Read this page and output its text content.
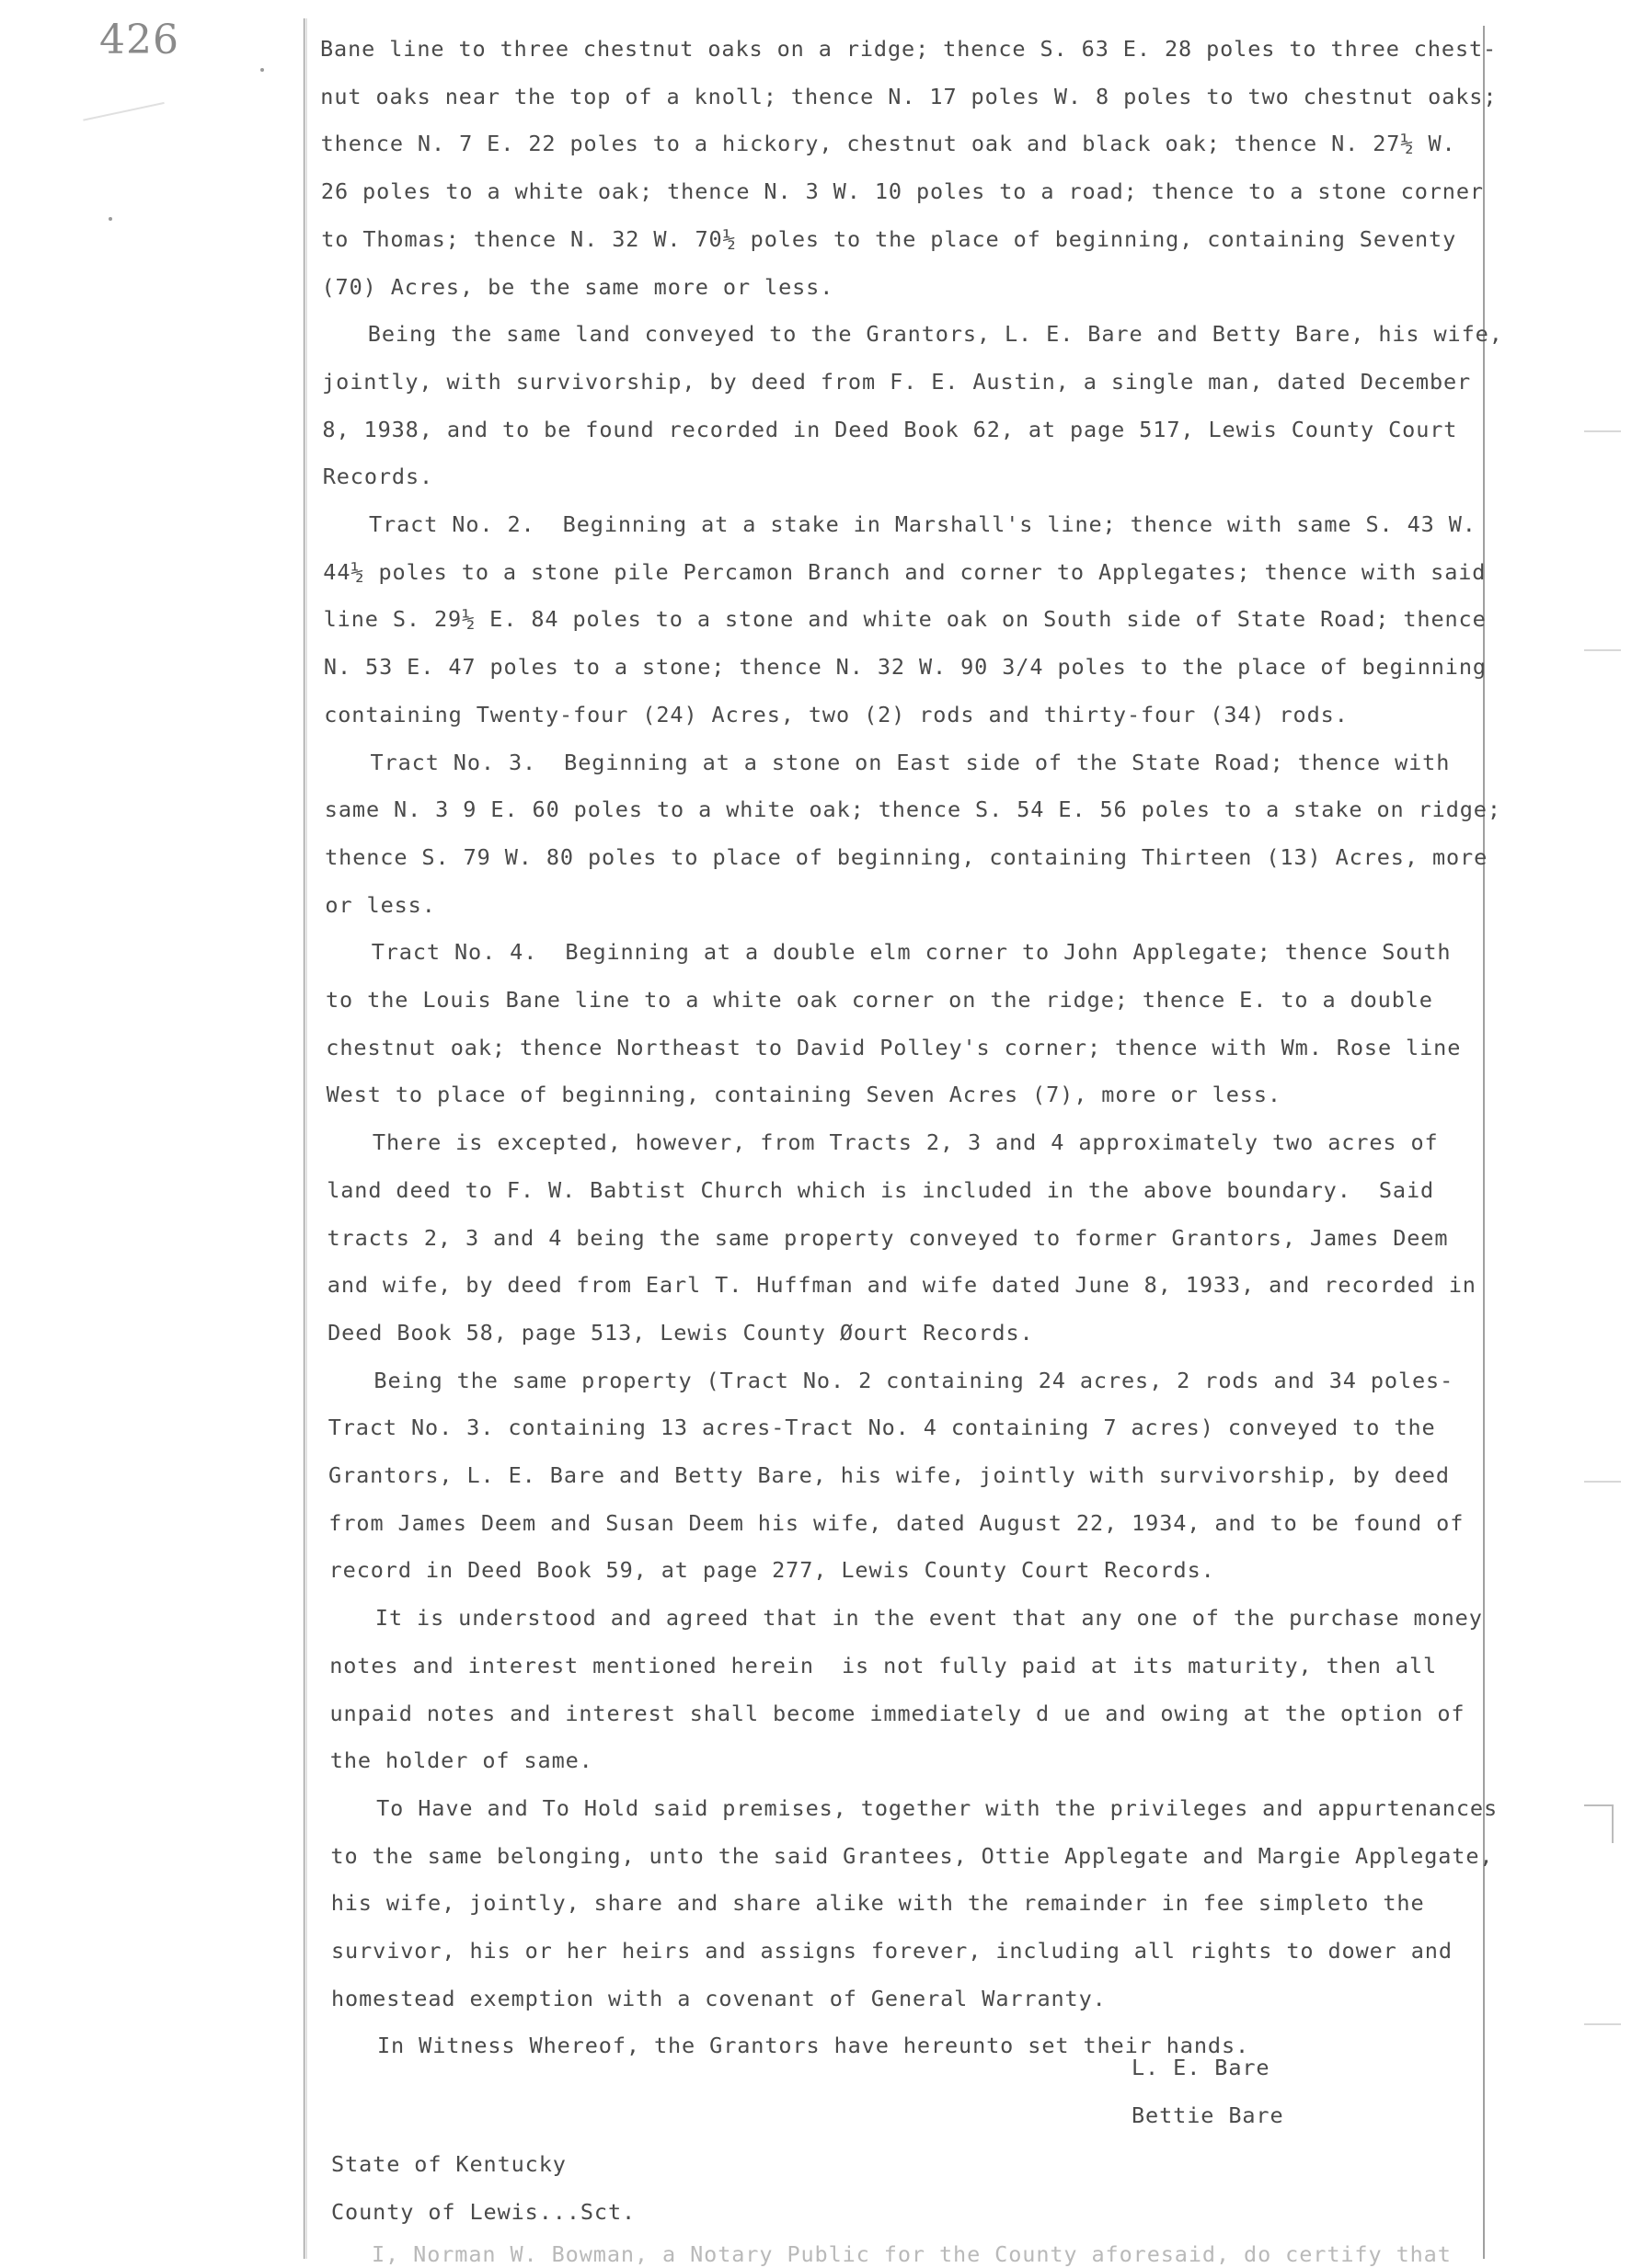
426	Bane line to three chestnut oaks on a ridge; thence S. 63 E. 28 poles to three chest-
nut oaks near the top of a knoll; thence N. 17 poles W. 8 poles to two chestnut oaks;
thence N. 7 E. 22 poles to a hickory, chestnut oak and black oak; thence N. 27½ W.
26 poles to a white oak; thence N. 3 W. 10 poles to a road; thence to a stone corner
to Thomas; thence N. 32 W. 70½ poles to the place of beginning, containing Seventy
(70) Acres, be the same more or less.
Being the same land conveyed to the Grantors, L. E. Bare and Betty Bare, his wife,
jointly, with survivorship, by deed from F. E. Austin, a single man, dated December
8, 1938, and to be found recorded in Deed Book 62, at page 517, Lewis County Court
Records.
Tract No. 2.  Beginning at a stake in Marshall's line; thence with same S. 43 W.
44½ poles to a stone pile Percamon Branch and corner to Applegates; thence with said
line S. 29½ E. 84 poles to a stone and white oak on South side of State Road; thence
N. 53 E. 47 poles to a stone; thence N. 32 W. 90 3/4 poles to the place of beginning
containing Twenty-four (24) Acres, two (2) rods and thirty-four (34) rods.
Tract No. 3.  Beginning at a stone on East side of the State Road; thence with
same N. 3 9 E. 60 poles to a white oak; thence S. 54 E. 56 poles to a stake on ridge;
thence S. 79 W. 80 poles to place of beginning, containing Thirteen (13) Acres, more
or less.
Tract No. 4.  Beginning at a double elm corner to John Applegate; thence South
to the Louis Bane line to a white oak corner on the ridge; thence E. to a double
chestnut oak; thence Northeast to David Polley's corner; thence with Wm. Rose line
West to place of beginning, containing Seven Acres (7), more or less.
There is excepted, however, from Tracts 2, 3 and 4 approximately two acres of
land deed to F. W. Babtist Church which is included in the above boundary.  Said
tracts 2, 3 and 4 being the same property conveyed to former Grantors, James Deem
and wife, by deed from Earl T. Huffman and wife dated June 8, 1933, and recorded in
Deed Book 58, page 513, Lewis County Øourt Records.
Being the same property (Tract No. 2 containing 24 acres, 2 rods and 34 poles-
Tract No. 3. containing 13 acres-Tract No. 4 containing 7 acres) conveyed to the
Grantors, L. E. Bare and Betty Bare, his wife, jointly with survivorship, by deed
from James Deem and Susan Deem his wife, dated August 22, 1934, and to be found of
record in Deed Book 59, at page 277, Lewis County Court Records.
It is understood and agreed that in the event that any one of the purchase money
notes and interest mentioned herein  is not fully paid at its maturity, then all
unpaid notes and interest shall become immediately d ue and owing at the option of
the holder of same.
To Have and To Hold said premises, together with the privileges and appurtenances
to the same belonging, unto the said Grantees, Ottie Applegate and Margie Applegate,
his wife, jointly, share and share alike with the remainder in fee simpleto the
survivor, his or her heirs and assigns forever, including all rights to dower and
homestead exemption with a covenant of General Warranty.
In Witness Whereof, the Grantors have hereunto set their hands.
L. E. Bare
Bettie Bare
State of Kentucky
County of Lewis...Sct.
I, Norman W. Bowman, a Notary Public for the County aforesaid, do certify that
